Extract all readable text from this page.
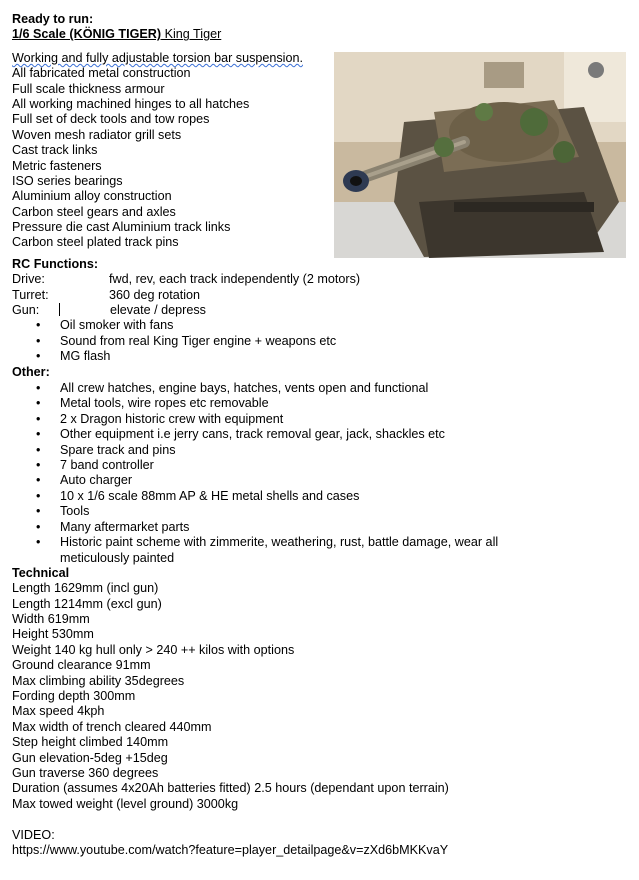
Ready to run:
1/6 Scale (KÖNIG TIGER) King Tiger
Working and fully adjustable torsion bar suspension.
All fabricated metal construction
Full scale thickness armour
All working machined hinges to all hatches
Full set of deck tools and tow ropes
Woven mesh radiator grill sets
Cast track links
Metric fasteners
ISO series bearings
Aluminium alloy construction
Carbon steel gears and axles
Pressure die cast Aluminium track links
Carbon steel plated track pins
RC Functions:
Drive:	fwd, rev, each track independently (2 motors)
Turret:	360 deg rotation
Gun:	elevate / depress
•	Oil smoker with fans
•	Sound from real King Tiger engine + weapons etc
•	MG flash
Other:
•	All crew hatches, engine bays, hatches, vents open and functional
•	Metal tools, wire ropes etc removable
•	2 x Dragon historic crew with equipment
•	Other equipment i.e jerry cans, track removal gear, jack, shackles etc
•	Spare track and pins
•	7 band controller
•	Auto charger
•	10 x 1/6 scale 88mm AP & HE metal shells and cases
•	Tools
•	Many aftermarket parts
•	Historic paint scheme with zimmerite, weathering, rust, battle damage, wear all meticulously painted
Technical
Length 1629mm (incl gun)
Length 1214mm (excl gun)
Width 619mm
Height 530mm
Weight 140 kg hull only > 240 ++ kilos with options
Ground clearance 91mm
Max climbing ability 35degrees
Fording depth 300mm
Max speed 4kph
Max width of trench cleared 440mm
Step height climbed 140mm
Gun elevation-5deg +15deg
Gun traverse 360 degrees
Duration (assumes 4x20Ah batteries fitted) 2.5 hours (dependant upon terrain)
Max towed weight (level ground) 3000kg
VIDEO:
https://www.youtube.com/watch?feature=player_detailpage&v=zXd6bMKKvaY
